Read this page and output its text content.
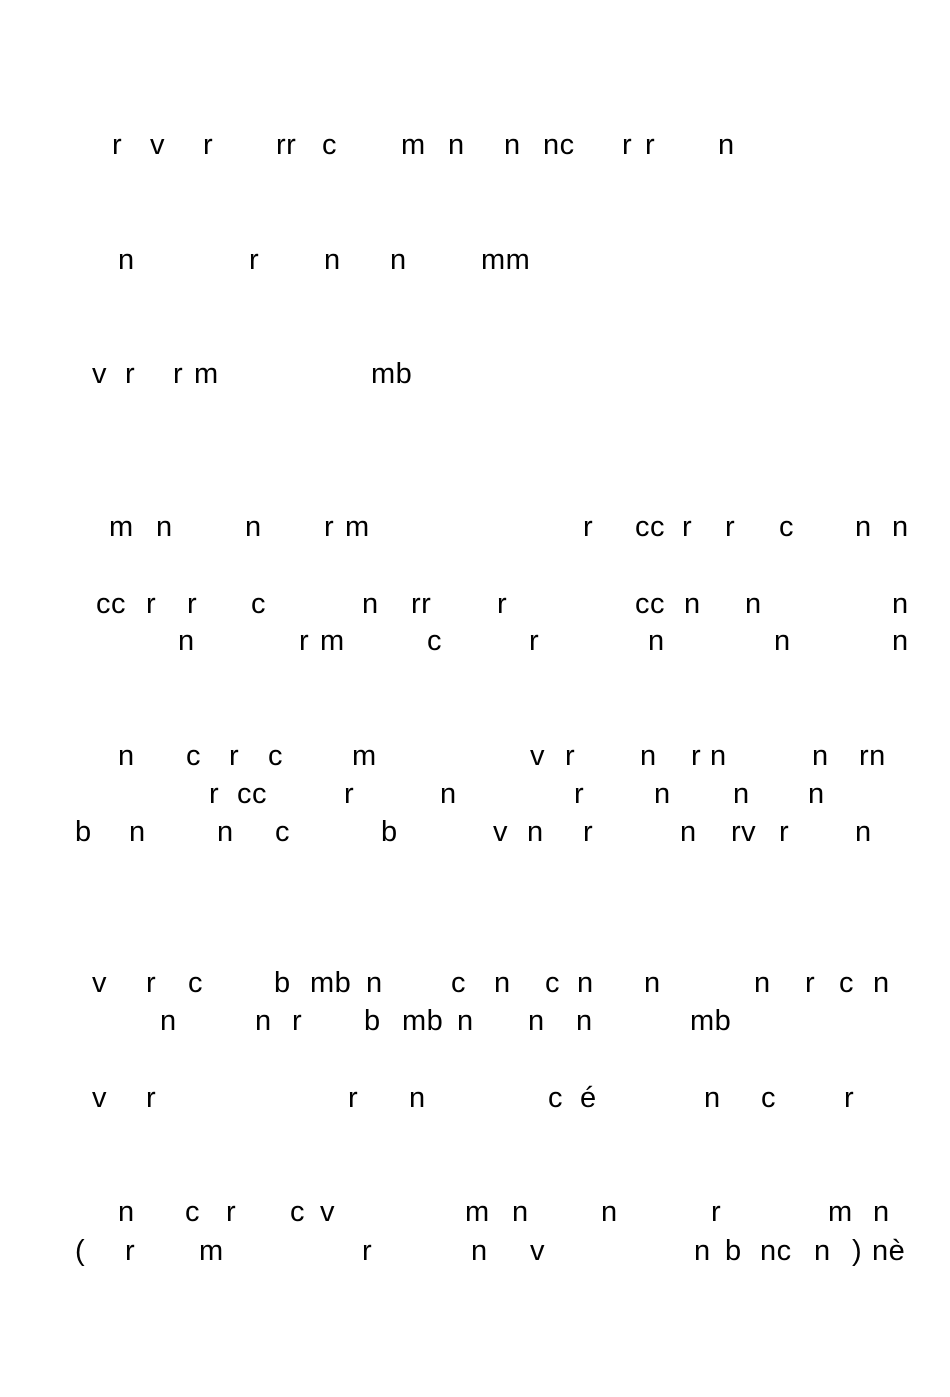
r v r rr c m n n nc r r n
n	r n n	mm
v r r m	mb
m n n r m	r cc r r c n n
cc r r c	n rr r	cc n n	n
n	r m	c	r	n	n	n
n c r c m	v r n r n	n rn
r cc	r	n	r n n n
b n n c	b	v n r	n rv r n
v r c b mb n c n c n n	n r c n
n	n r b mb n n n	mb
v r	r n	c é	n c r
n c r c v	m n n	r	m n
( r m	r	n v	n b nc n ) nè
